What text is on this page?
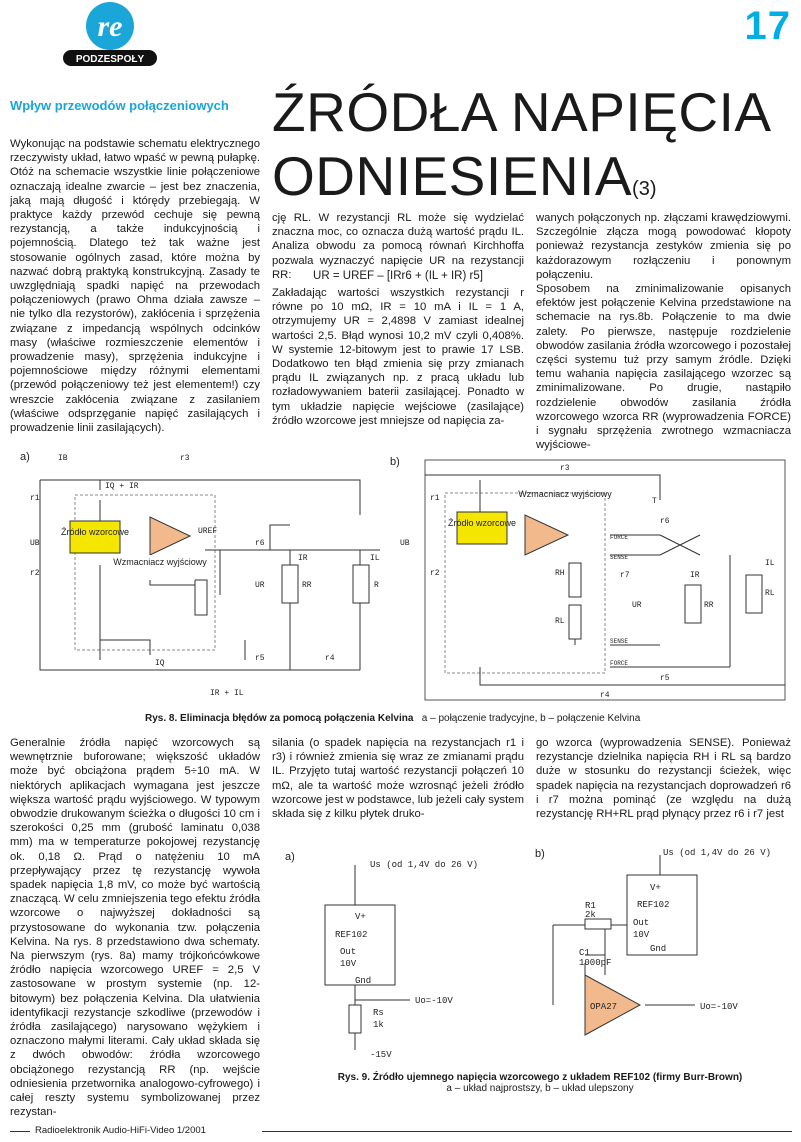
re
PODZESPOŁY
17
Wpływ przewodów połączeniowych
Wykonując na podstawie schematu elektrycznego rzeczywisty układ, łatwo wpaść w pewną pułapkę. Otóż na schemacie wszystkie linie połączeniowe oznaczają idealne zwarcie – jest bez znaczenia, jaką mają długość i którędy przebiegają. W praktyce każdy przewód cechuje się pewną rezystancją, a także indukcyjnością i pojemnością. Dlatego też tak ważne jest stosowanie ogólnych zasad, które można by nazwać dobrą praktyką konstrukcyjną. Zasady te uwzględniają spadki napięć na przewodach połączeniowych (prawo Ohma działa zawsze – nie tylko dla rezystorów), zakłócenia i sprzężenia związane z impedancją wspólnych odcinków masy (właściwe rozmieszczenie elementów i prowadzenie masy), sprzężenia indukcyjne i pojemnościowe między różnymi elementami (przewód połączeniowy też jest elementem!) czy wreszcie zakłócenia związane z zasilaniem (właściwe odsprzęganie napięć zasilających i prowadzenie linii zasilających).
ŹRÓDŁA NAPIĘCIA
ODNIESIENIA(3)
cję RL. W rezystancji RL może się wydzielać znaczna moc, co oznacza dużą wartość prądu IL. Analiza obwodu za pomocą równań Kirchhoffa pozwala wyznaczyć napięcie UR na rezystancji RR:	UR = UREF – [IRr6 + (IL + IR) r5]
Zakładając wartości wszystkich rezystancji r równe po 10 mΩ, IR = 10 mA i IL = 1 A, otrzymujemy UR = 2,4898 V zamiast idealnej wartości 2,5. Błąd wynosi 10,2 mV czyli 0,408%. W systemie 12-bitowym jest to prawie 17 LSB. Dodatkowo ten błąd zmienia się przy zmianach prądu IL związanych np. z pracą układu lub rozładowywaniem baterii zasilającej. Ponadto w tym układzie napięcie wejściowe (zasilające) źródło wzorcowe jest mniejsze od napięcia za-
wanych połączonych np. złączami krawędziowymi. Szczególnie złącza mogą powodować kłopoty ponieważ rezystancja zestyków zmienia się po każdorazowym rozłączeniu i ponownym połączeniu.
Sposobem na zminimalizowanie opisanych efektów jest połączenie Kelvina przedstawione na schemacie na rys.8b. Połączenie to ma dwie zalety. Po pierwsze, następuje rozdzielenie obwodów zasilania źródła wzorcowego i pozostałej części systemu tuż przy samym źródle. Dzięki temu wahania napięcia zasilającego wzorzec są zminimalizowane. Po drugie, nastąpiło rozdzielenie obwodów zasilania źródła wzorcowego wzorca RR (wyprowadzenia FORCE) i sygnału sprzężenia zwrotnego wzmacniacza wyjściowe-
a)
Źródło wzorcowe
Wzmacniacz wyjściowy
IB
IQ + IR
IQ
IR + IL
UREF
UB
UR	RR
IL
IR
R
r3
r1
r2
r5	r4
r6
b)
Źródło wzorcowe
Wzmacniacz wyjściowy
RH
RL
FORCE
SENSE
SENSE
FORCE
T
UR	RR
IR
RL
IL
UB
r3
r1
r2
r6
r7
r5
r4
Rys. 8. Eliminacja błędów za pomocą połączenia Kelvina a – połączenie tradycyjne, b – połączenie Kelvina
Generalnie źródła napięć wzorcowych są wewnętrznie buforowane; większość układów może być obciążona prądem 5÷10 mA. W niektórych aplikacjach wymagana jest jeszcze większa wartość prądu wyjściowego. W typowym obwodzie drukowanym ścieżka o długości 10 cm i szerokości 0,25 mm (grubość laminatu 0,038 mm) ma w temperaturze pokojowej rezystancję ok. 0,18 Ω. Prąd o natężeniu 10 mA przepływający przez tę rezystancję wywoła spadek napięcia 1,8 mV, co może być wartością znaczącą. W celu zmniejszenia tego efektu źródła wzorcowe o najwyższej dokładności są przystosowane do wykonania tzw. połączenia Kelvina. Na rys. 8 przedstawiono dwa schematy. Na pierwszym (rys. 8a) mamy trójkońcówkowe źródło napięcia wzorcowego UREF = 2,5 V zastosowane w prostym systemie (np. 12-bitowym) bez połączenia Kelvina. Dla ułatwienia identyfikacji rezystancje szkodliwe (przewodów i źródła zasilającego) narysowano wężykiem i oznaczono małymi literami. Cały układ składa się z dwóch obwodów: źródła wzorcowego obciążonego rezystancją RR (np. wejście odniesienia przetwornika analogowo-cyfrowego) i całej reszty systemu symbolizowanej przez rezystan-
silania (o spadek napięcia na rezystancjach r1 i r3) i również zmienia się wraz ze zmianami prądu IL. Przyjęto tutaj wartość rezystancji połączeń 10 mΩ, ale ta wartość może wzrosnąć jeżeli źródło wzorcowe jest w podstawce, lub jeżeli cały system składa się z kilku płytek druko-
go wzorca (wyprowadzenia SENSE). Ponieważ rezystancje dzielnika napięcia RH i RL są bardzo duże w stosunku do rezystancji ścieżek, więc spadek napięcia na rezystancjach doprowadzeń r6 i r7 można pominąć (ze względu na dużą rezystancję RH+RL prąd płynący przez r6 i r7 jest
a)	b)
Us (od 1,4V do 26 V)
V+
REF102
Out
10V
Gnd
Rs
1k
Uo=-10V
-15V
Us (od 1,4V do 26 V)
V+
REF102
Out
10V
Gnd
R1
2k
C1
1000pF
OPA27	Uo=-10V
Rys. 9. Źródło ujemnego napięcia wzorcowego z układem REF102 (firmy Burr-Brown)
a – układ najprostszy, b – układ ulepszony
Radioelektronik Audio-HiFi-Video 1/2001
